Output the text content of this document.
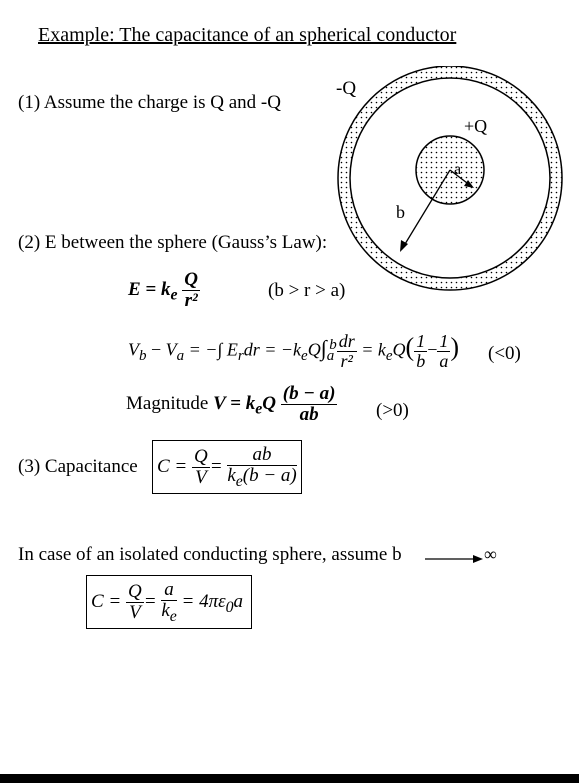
Example: The capacitance of an spherical conductor
(1) Assume the charge is Q and -Q
-Q
+Q
a
b
(2) E between the sphere (Gauss’s Law):
$E = k_e \frac{Q}{\text{r²}}$	(b > r > a)
$V_b - V_a$ = −∫ $E_rdr = -k_eQ\int_a^b \frac{dr}{\text{r²}} = k_eQ( \frac{1}{b} - \frac{1}{a}$ ) (<0)
Magnitude $V = k_eQ \frac{(b - a)}{ab} (>0)$
(3) Capacitance $C = \frac{Q}{V} = \frac{ab}{k_e(b - a)}$
In case of an isolated conducting sphere, assume b	∞
$C = \frac{Q}{V} = \frac{a}{k_e} = 4\pi\varepsilon_0a$
